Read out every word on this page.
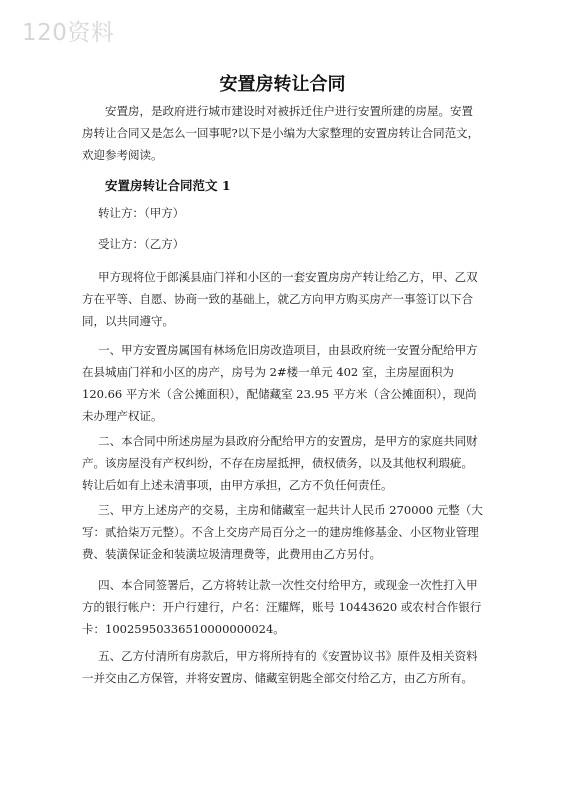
120资料
安置房转让合同

安置房，是政府进行城市建设时对被拆迁住户进行安置所建的房屋。安置房转让合同又是怎么一回事呢?以下是小编为大家整理的安置房转让合同范文，欢迎参考阅读。

安置房转让合同范文 1

转让方：（甲方）

受让方：（乙方）

甲方现将位于郎溪县庙门祥和小区的一套安置房房产转让给乙方，甲、乙双方在平等、自愿、协商一致的基础上，就乙方向甲方购买房产一事签订以下合同，以共同遵守。

一、甲方安置房属国有林场危旧房改造项目，由县政府统一安置分配给甲方在县城庙门祥和小区的房产，房号为 2#楼一单元 402 室，主房屋面积为 120.66 平方米（含公摊面积），配储藏室 23.95 平方米（含公摊面积），现尚未办理产权证。

二、本合同中所述房屋为县政府分配给甲方的安置房，是甲方的家庭共同财产。该房屋没有产权纠纷，不存在房屋抵押，债权债务，以及其他权利瑕疵。转让后如有上述未清事项，由甲方承担，乙方不负任何责任。

三、甲方上述房产的交易，主房和储藏室一起共计人民币 270000 元整（大写：贰拾柒万元整）。不含上交房产局百分之一的建房维修基金、小区物业管理费、装潢保证金和装潢垃圾清理费等，此费用由乙方另付。

四、本合同签署后，乙方将转让款一次性交付给甲方，或现金一次性打入甲方的银行帐户：开户行建行，户名：汪耀辉，账号 10443620 或农村合作银行卡：10025950336510000000024。

五、乙方付清所有房款后，甲方将所持有的《安置协议书》原件及相关资料一并交由乙方保管，并将安置房、储藏室钥匙全部交付给乙方，由乙方所有。
